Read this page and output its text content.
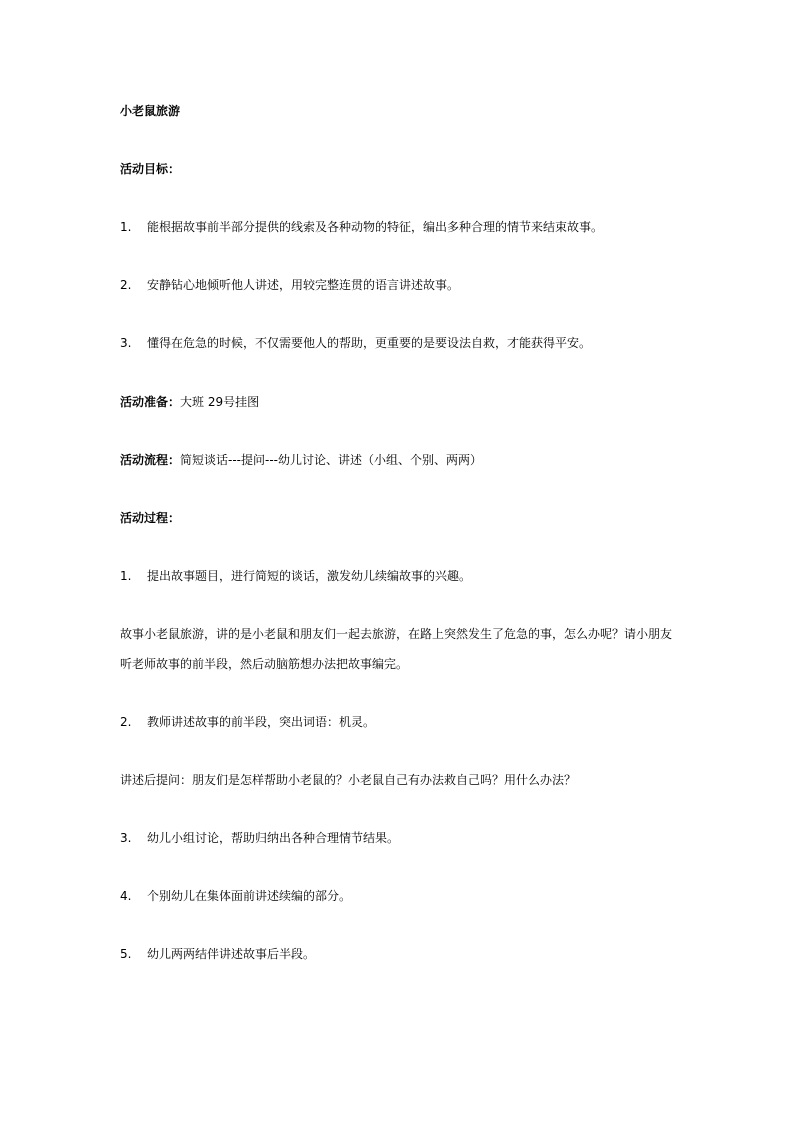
小老鼠旅游
活动目标：
1. 能根据故事前半部分提供的线索及各种动物的特征，编出多种合理的情节来结束故事。
2. 安静钻心地倾听他人讲述，用较完整连贯的语言讲述故事。
3. 懂得在危急的时候，不仅需要他人的帮助，更重要的是要设法自救，才能获得平安。
活动准备：大班 29号挂图
活动流程：简短谈话---提问---幼儿讨论、讲述（小组、个别、两两）
活动过程：
1. 提出故事题目，进行简短的谈话，激发幼儿续编故事的兴趣。
故事小老鼠旅游，讲的是小老鼠和朋友们一起去旅游，在路上突然发生了危急的事，怎么办呢？请小朋友
听老师故事的前半段，然后动脑筋想办法把故事编完。
2. 教师讲述故事的前半段，突出词语：机灵。
讲述后提问：朋友们是怎样帮助小老鼠的？小老鼠自己有办法救自己吗？用什么办法？
3. 幼儿小组讨论，帮助归纳出各种合理情节结果。
4. 个别幼儿在集体面前讲述续编的部分。
5. 幼儿两两结伴讲述故事后半段。
